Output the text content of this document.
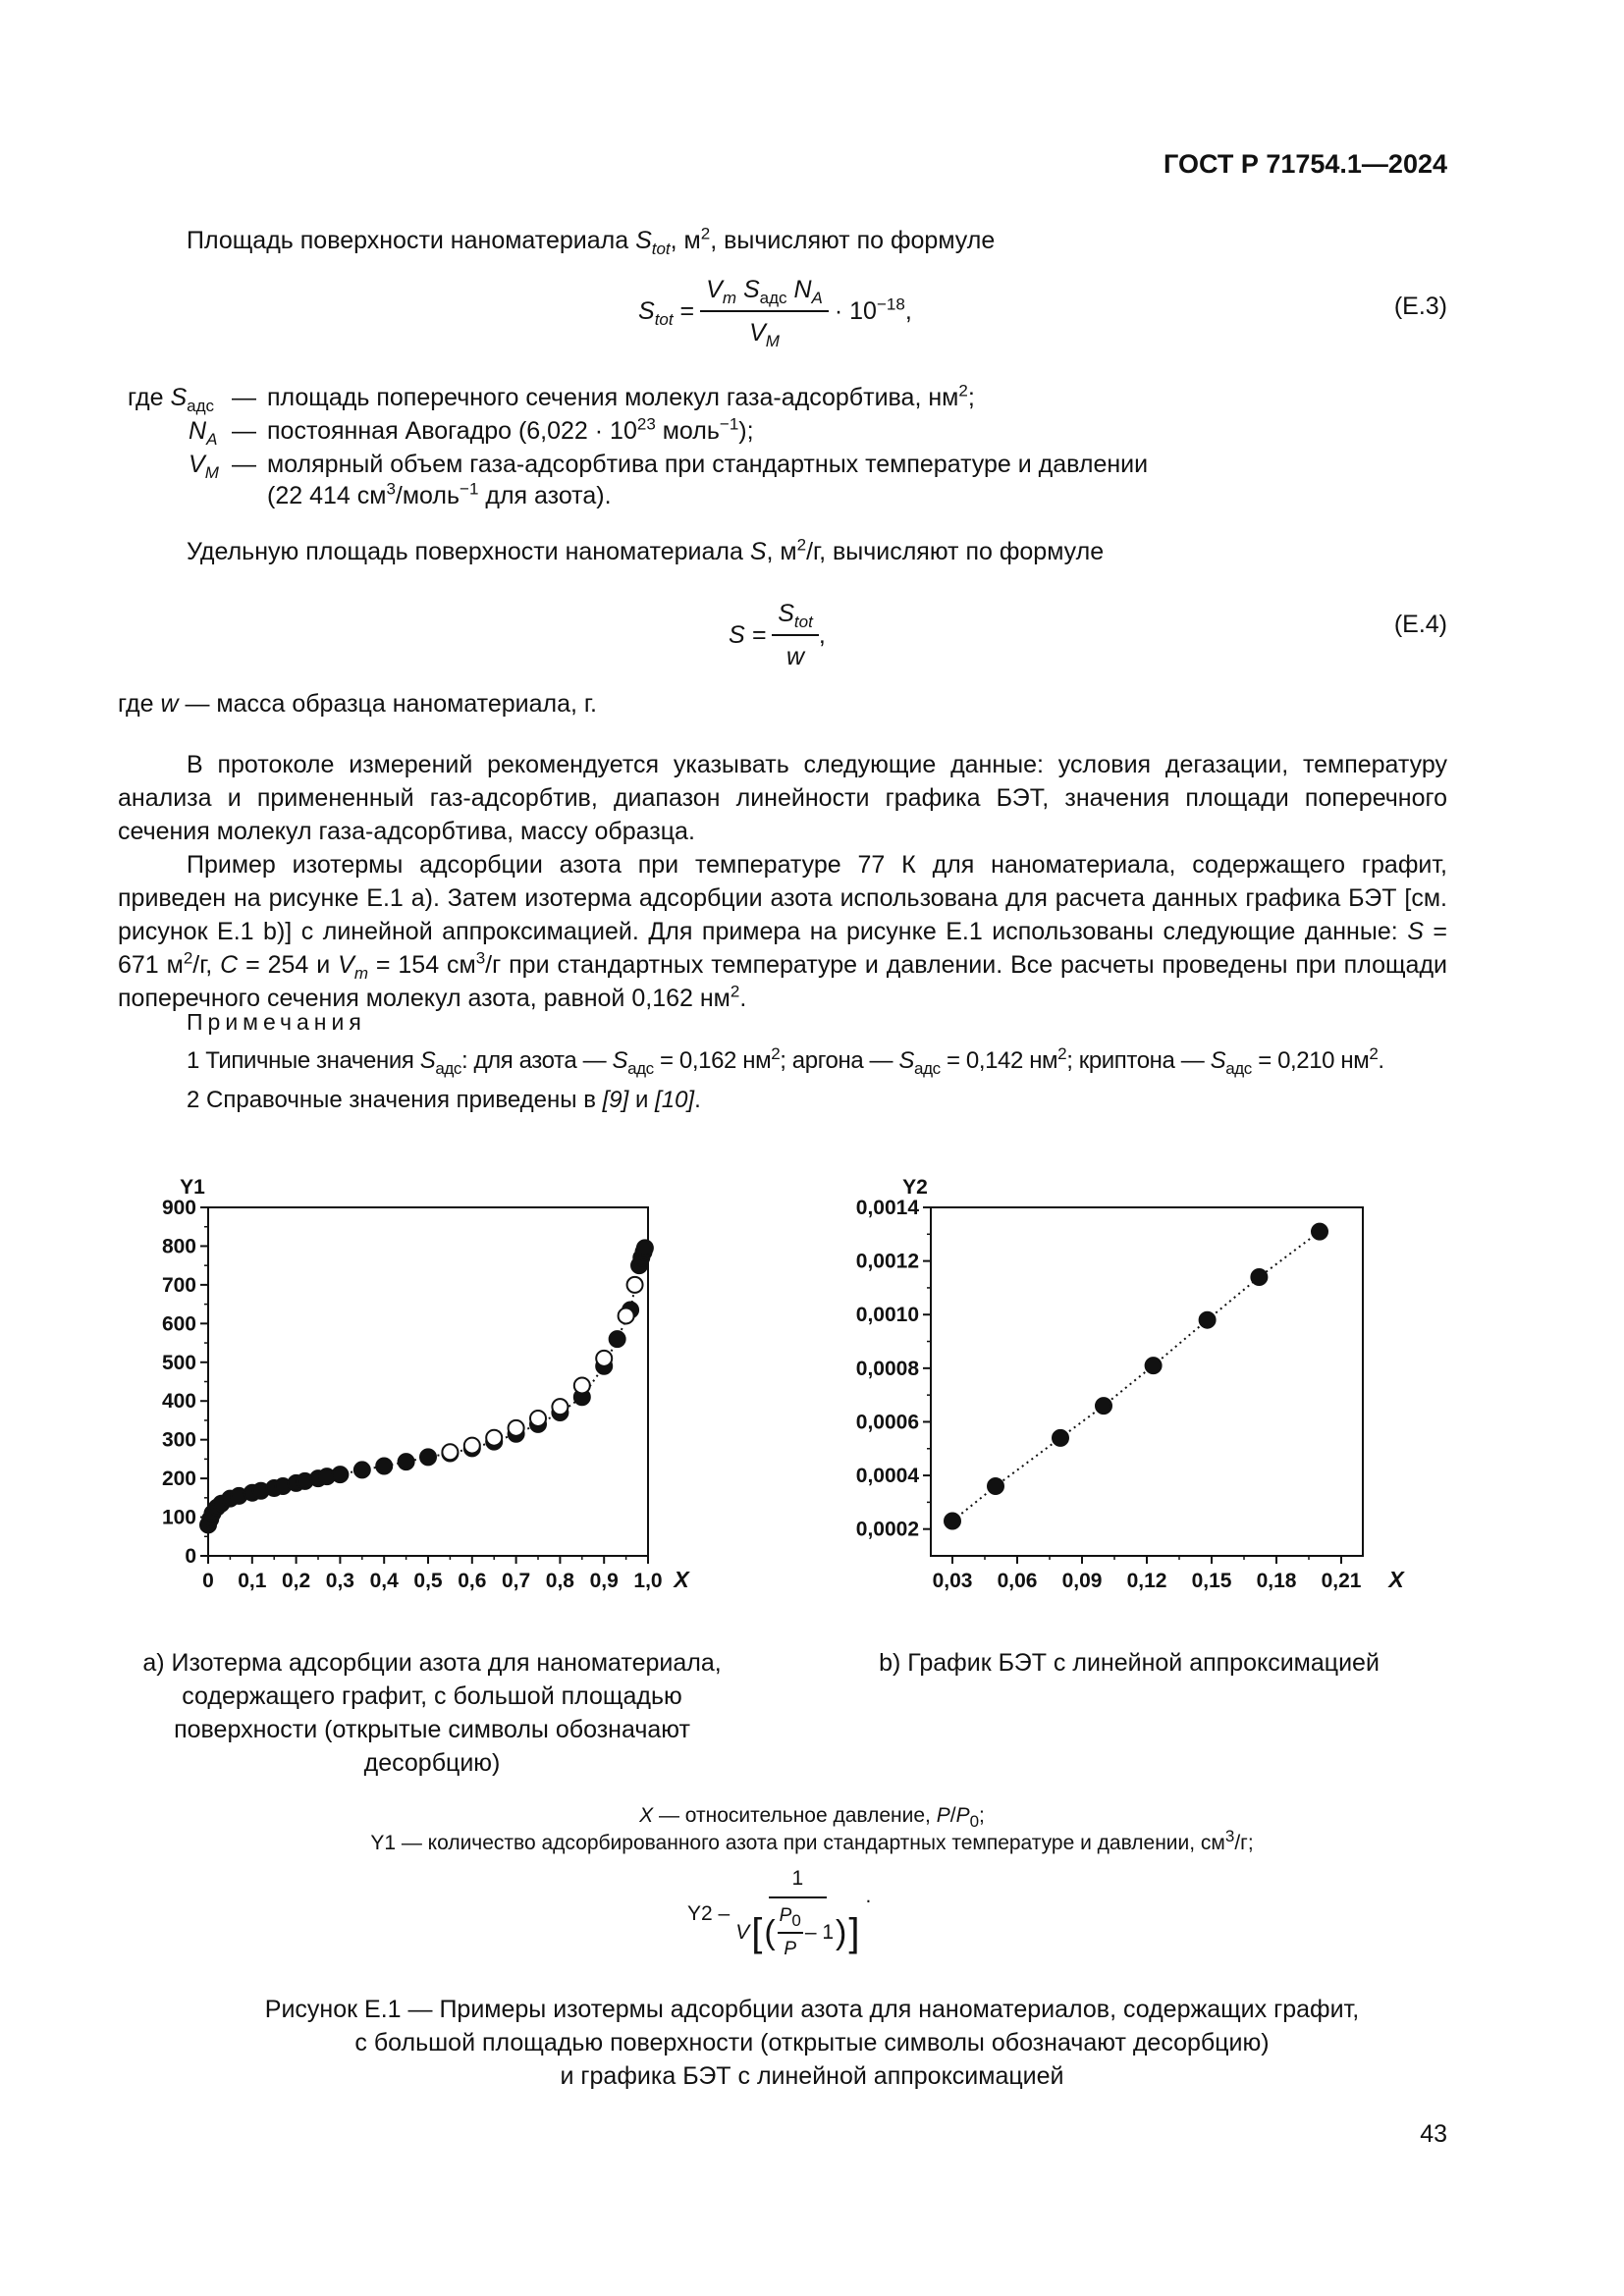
ГОСТ Р 71754.1—2024
Площадь поверхности наноматериала $S_{tot}$, $м^2$, вычисляют по формуле
$S_{tot} = \frac{V_m S_{адс} N_A}{V_M} \cdot 10^{-18}$,	(Е.3)
где $S_{адс}$ — площадь поперечного сечения молекул газа-адсорбтива, $нм^2$;
$N_A$ — постоянная Авогадро ($6,022 \cdot 10^{23}$ моль$^{-1}$);
$V_M$ — молярный объем газа-адсорбтива при стандартных температуре и давлении
(22 414 $см^3/моль^{-1}$ для азота).
Удельную площадь поверхности наноматериала S, $м^2/г$, вычисляют по формуле
$S = \frac{S_{tot}}{w}$ ,	(Е.4)
где w — масса образца наноматериала, г.
В протоколе измерений рекомендуется указывать следующие данные: условия дегазации, температуру анализа и примененный газ-адсорбтив, диапазон линейности графика БЭТ, значения площади поперечного сечения молекул газа-адсорбтива, массу образца.
Пример изотермы адсорбции азота при температуре 77 К для наноматериала, содержащего графит, приведен на рисунке Е.1 а). Затем изотерма адсорбции азота использована для расчета данных графика БЭТ [см. рисунок Е.1 b)] с линейной аппроксимацией. Для примера на рисунке Е.1 использованы следующие данные: S = 671 $м^2/г$, C = 254 и $V_m = 154$ $см^3/г$ при стандартных температуре и давлении. Все расчеты проведены при площади поперечного сечения молекул азота, равной 0,162 $нм^2$.
Примечания
1 Типичные значения $S_{адс}$: для азота — $S_{адс} = 0,162$ $нм^2$; аргона — $S_{адс} = 0,142$ $нм^2$; криптона — $S_{адс} = 0,210$ $нм^2$.
2 Справочные значения приведены в [9] и [10].
0
100
200
300
400
500
600
700
800
900
0 0,1 0,2 0,3 0,4 0,5 0,6 0,7 0,8 0,9 1,0
Y1
X
0,0002
0,0004
0,0006
0,0008
0,0010
0,0012
0,0014
0,03 0,06 0,09 0,12 0,15 0,18 0,21
Y2
X
а) Изотерма адсорбции азота для наноматериала,
содержащего графит, с большой площадью
поверхности (открытые символы обозначают
десорбцию)
b) График БЭТ с линейной аппроксимацией
X — относительное давление, $P/P_0$;
Y1 — количество адсорбированного азота при стандартных температуре и давлении, $см^3/г$;
Y2 –
1
V [ ( $\frac{P_0}{P} - 1$ ) ]
.
Рисунок Е.1 — Примеры изотермы адсорбции азота для наноматериалов, содержащих графит,
с большой площадью поверхности (открытые символы обозначают десорбцию)
и графика БЭТ с линейной аппроксимацией
43
